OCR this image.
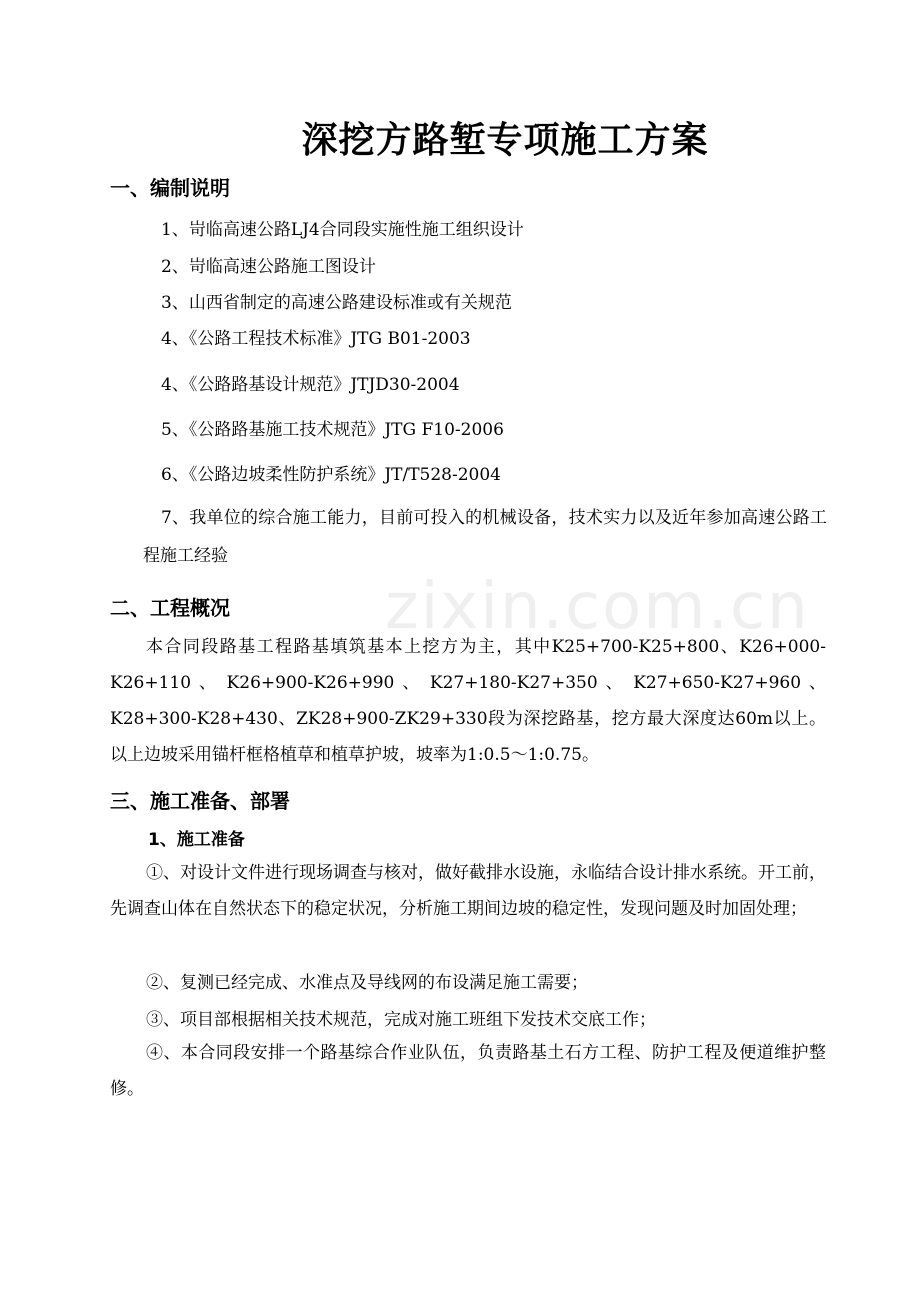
zixin.com.cn
深挖方路堑专项施工方案
一、编制说明
1、岢临高速公路LJ4合同段实施性施工组织设计
2、岢临高速公路施工图设计
3、山西省制定的高速公路建设标准或有关规范
4、《公路工程技术标准》JTG B01-2003
4、《公路路基设计规范》JTJD30-2004
5、《公路路基施工技术规范》JTG F10-2006
6、《公路边坡柔性防护系统》JT/T528-2004
7、我单位的综合施工能力，目前可投入的机械设备，技术实力以及近年参加高速公路工程施工经验
二、工程概况
本合同段路基工程路基填筑基本上挖方为主，其中K25+700-K25+800、K26+000-K26+110 、 K26+900-K26+990 、 K27+180-K27+350 、 K27+650-K27+960 、K28+300-K28+430、ZK28+900-ZK29+330段为深挖路基，挖方最大深度达60m以上。以上边坡采用锚杆框格植草和植草护坡，坡率为1:0.5～1:0.75。
三、施工准备、部署
1、施工准备
①、对设计文件进行现场调查与核对，做好截排水设施，永临结合设计排水系统。开工前，先调查山体在自然状态下的稳定状况，分析施工期间边坡的稳定性，发现问题及时加固处理；
②、复测已经完成、水准点及导线网的布设满足施工需要；
③、项目部根据相关技术规范，完成对施工班组下发技术交底工作；
④、本合同段安排一个路基综合作业队伍，负责路基土石方工程、防护工程及便道维护整修。
